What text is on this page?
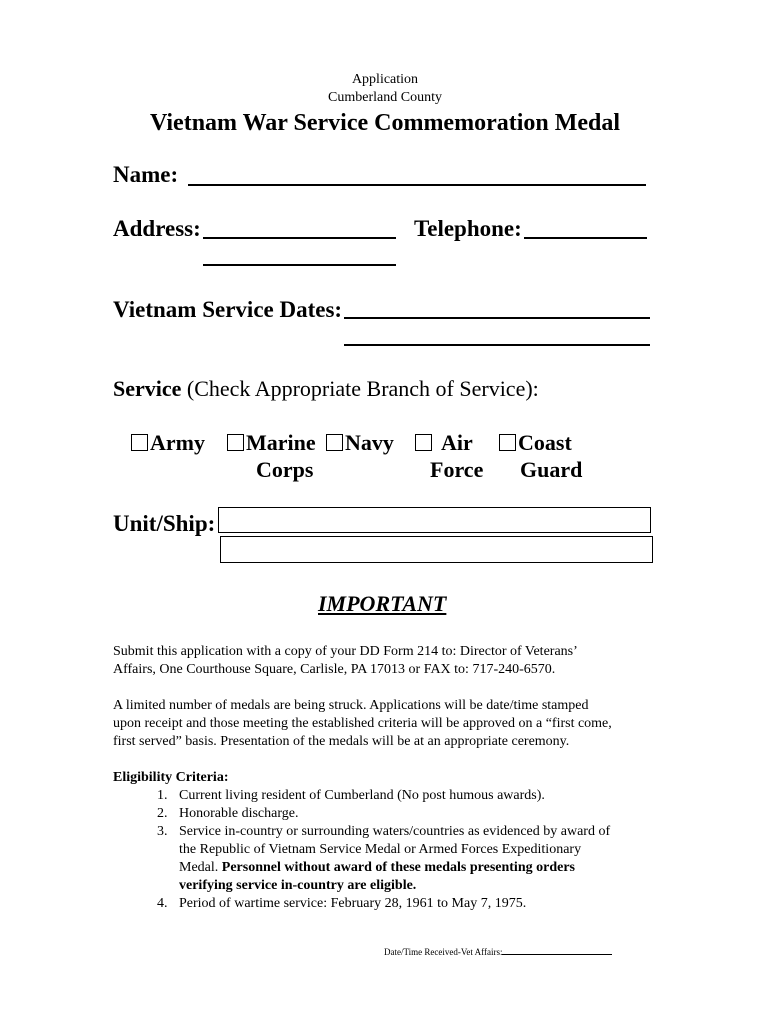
Application
Cumberland County
Vietnam War Service Commemoration Medal
Name:
Address:	Telephone:
Vietnam Service Dates:
Service (Check Appropriate Branch of Service):
Army	Marine
Corps
Navy	Air
Force
Coast
Guard
Unit/Ship:
IMPORTANT
Submit this application with a copy of your DD Form 214 to: Director of Veterans’
Affairs, One Courthouse Square, Carlisle, PA 17013 or FAX to: 717-240-6570.
A limited number of medals are being struck. Applications will be date/time stamped
upon receipt and those meeting the established criteria will be approved on a “first come,
first served” basis. Presentation of the medals will be at an appropriate ceremony.
Eligibility Criteria:
1. Current living resident of Cumberland (No post humous awards).
2. Honorable discharge.
3. Service in-country or surrounding waters/countries as evidenced by award of
the Republic of Vietnam Service Medal or Armed Forces Expeditionary
Medal. Personnel without award of these medals presenting orders
verifying service in-country are eligible.
4. Period of wartime service: February 28, 1961 to May 7, 1975.
Date/Time Received-Vet Affairs:
